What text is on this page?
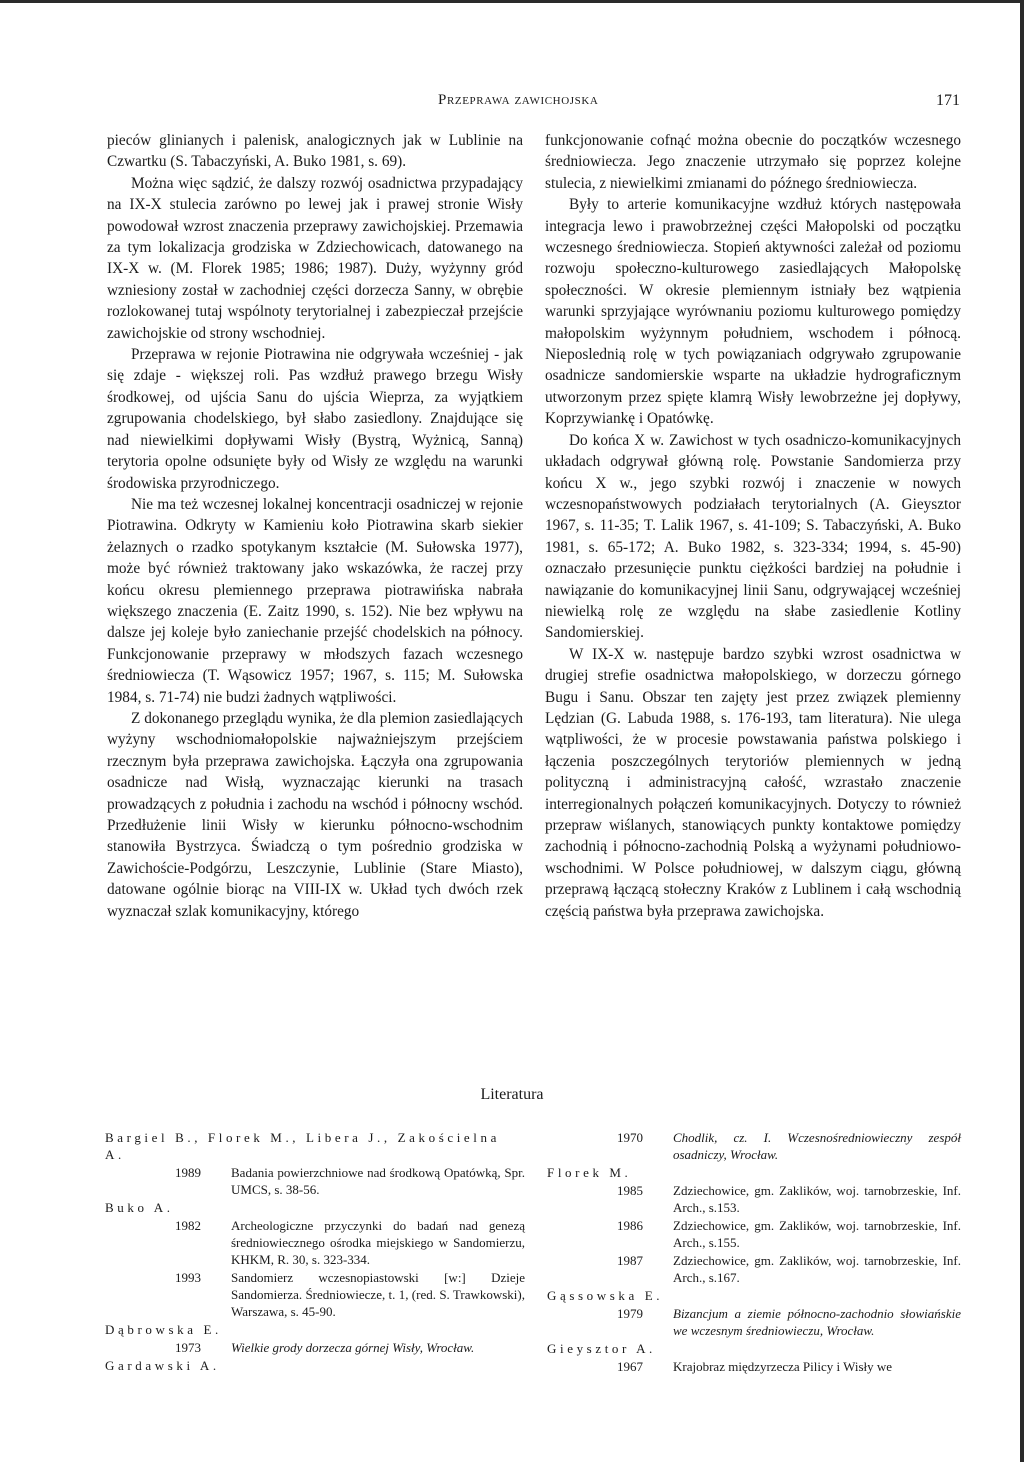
Przeprawa zawichojska	171

pieców glinianych i palenisk, analogicznych jak w Lublinie na Czwartku (S. Tabaczyński, A. Buko 1981, s. 69).

Można więc sądzić, że dalszy rozwój osadnictwa przypadający na IX-X stulecia zarówno po lewej jak i prawej stronie Wisły powodował wzrost znaczenia przeprawy zawichojskiej. Przemawia za tym lokalizacja grodziska w Zdziechowicach, datowanego na IX-X w. (M. Florek 1985; 1986; 1987). Duży, wyżynny gród wzniesiony został w zachodniej części dorzecza Sanny, w obrębie rozlokowanej tutaj wspólnoty terytorialnej i zabezpieczał przejście zawichojskie od strony wschodniej.

Przeprawa w rejonie Piotrawina nie odgrywała wcześniej - jak się zdaje - większej roli. Pas wzdłuż prawego brzegu Wisły środkowej, od ujścia Sanu do ujścia Wieprza, za wyjątkiem zgrupowania chodelskiego, był słabo zasiedlony. Znajdujące się nad niewielkimi dopływami Wisły (Bystrą, Wyżnicą, Sanną) terytoria opolne odsunięte były od Wisły ze względu na warunki środowiska przyrodniczego.

Nie ma też wczesnej lokalnej koncentracji osadniczej w rejonie Piotrawina. Odkryty w Kamieniu koło Piotrawina skarb siekier żelaznych o rzadko spotykanym kształcie (M. Sułowska 1977), może być również traktowany jako wskazówka, że raczej przy końcu okresu plemiennego przeprawa piotrawińska nabrała większego znaczenia (E. Zaitz 1990, s. 152). Nie bez wpływu na dalsze jej koleje było zaniechanie przejść chodelskich na północy. Funkcjonowanie przeprawy w młodszych fazach wczesnego średniowiecza (T. Wąsowicz 1957; 1967, s. 115; M. Sułowska 1984, s. 71-74) nie budzi żadnych wątpliwości.

Z dokonanego przeglądu wynika, że dla plemion zasiedlających wyżyny wschodniomałopolskie najważniejszym przejściem rzecznym była przeprawa zawichojska. Łączyła ona zgrupowania osadnicze nad Wisłą, wyznaczając kierunki na trasach prowadzących z południa i zachodu na wschód i północny wschód. Przedłużenie linii Wisły w kierunku północno-wschodnim stanowiła Bystrzyca. Świadczą o tym pośrednio grodziska w Zawichoście-Podgórzu, Leszczynie, Lublinie (Stare Miasto), datowane ogólnie biorąc na VIII-IX w. Układ tych dwóch rzek wyznaczał szlak komunikacyjny, którego

funkcjonowanie cofnąć można obecnie do początków wczesnego średniowiecza. Jego znaczenie utrzymało się poprzez kolejne stulecia, z niewielkimi zmianami do późnego średniowiecza.

Były to arterie komunikacyjne wzdłuż których następowała integracja lewo i prawobrzeżnej części Małopolski od początku wczesnego średniowiecza. Stopień aktywności zależał od poziomu rozwoju społeczno-kulturowego zasiedlających Małopolskę społeczności. W okresie plemiennym istniały bez wątpienia warunki sprzyjające wyrównaniu poziomu kulturowego pomiędzy małopolskim wyżynnym południem, wschodem i północą. Nieposlednią rolę w tych powiązaniach odgrywało zgrupowanie osadnicze sandomierskie wsparte na układzie hydrograficznym utworzonym przez spięte klamrą Wisły lewobrzeżne jej dopływy, Koprzywiankę i Opatówkę.

Do końca X w. Zawichost w tych osadniczo-komunikacyjnych układach odgrywał główną rolę. Powstanie Sandomierza przy końcu X w., jego szybki rozwój i znaczenie w nowych wczesnopaństwowych podziałach terytorialnych (A. Gieysztor 1967, s. 11-35; T. Lalik 1967, s. 41-109; S. Tabaczyński, A. Buko 1981, s. 65-172; A. Buko 1982, s. 323-334; 1994, s. 45-90) oznaczało przesunięcie punktu ciężkości bardziej na południe i nawiązanie do komunikacyjnej linii Sanu, odgrywającej wcześniej niewielką rolę ze względu na słabe zasiedlenie Kotliny Sandomierskiej.

W IX-X w. następuje bardzo szybki wzrost osadnictwa w drugiej strefie osadnictwa małopolskiego, w dorzeczu górnego Bugu i Sanu. Obszar ten zajęty jest przez związek plemienny Lędzian (G. Labuda 1988, s. 176-193, tam literatura). Nie ulega wątpliwości, że w procesie powstawania państwa polskiego i łączenia poszczególnych terytoriów plemiennych w jedną polityczną i administracyjną całość, wzrastało znaczenie interregionalnych połączeń komunikacyjnych. Dotyczy to również przepraw wiślanych, stanowiących punkty kontaktowe pomiędzy zachodnią i północno-zachodnią Polską a wyżynami południowo-wschodnimi. W Polsce południowej, w dalszym ciągu, główną przeprawą łączącą stołeczny Kraków z Lublinem i całą wschodnią częścią państwa była przeprawa zawichojska.

Literatura
Bargiel B., Florek M., Libera J., Zakościelna A.
1989	Badania powierzchniowe nad środkową Opatówką, Spr. UMCS, s. 38-56.
Buko A.
1982	Archeologiczne przyczynki do badań nad genezą średniowiecznego ośrodka miejskiego w Sandomierzu, KHKM, R. 30, s. 323-334.
1993	Sandomierz wczesnopiastowski [w:] Dzieje Sandomierza. Średniowiecze, t. 1, (red. S. Trawkowski), Warszawa, s. 45-90.
Dąbrowska E.
1973	Wielkie grody dorzecza górnej Wisły, Wrocław.
Gardawski A.
1970	Chodlik, cz. I. Wczesnośredniowieczny zespół osadniczy, Wrocław.
Florek M.
1985	Zdziechowice, gm. Zaklików, woj. tarnobrzeskie, Inf. Arch., s.153.
1986	Zdziechowice, gm. Zaklików, woj. tarnobrzeskie, Inf. Arch., s.155.
1987	Zdziechowice, gm. Zaklików, woj. tarnobrzeskie, Inf. Arch., s.167.
Gąssowska E.
1979	Bizancjum a ziemie północno-zachodnio słowiańskie we wczesnym średniowieczu, Wrocław.
Gieysztor A.
1967	Krajobraz międzyrzecza Pilicy i Wisły we
